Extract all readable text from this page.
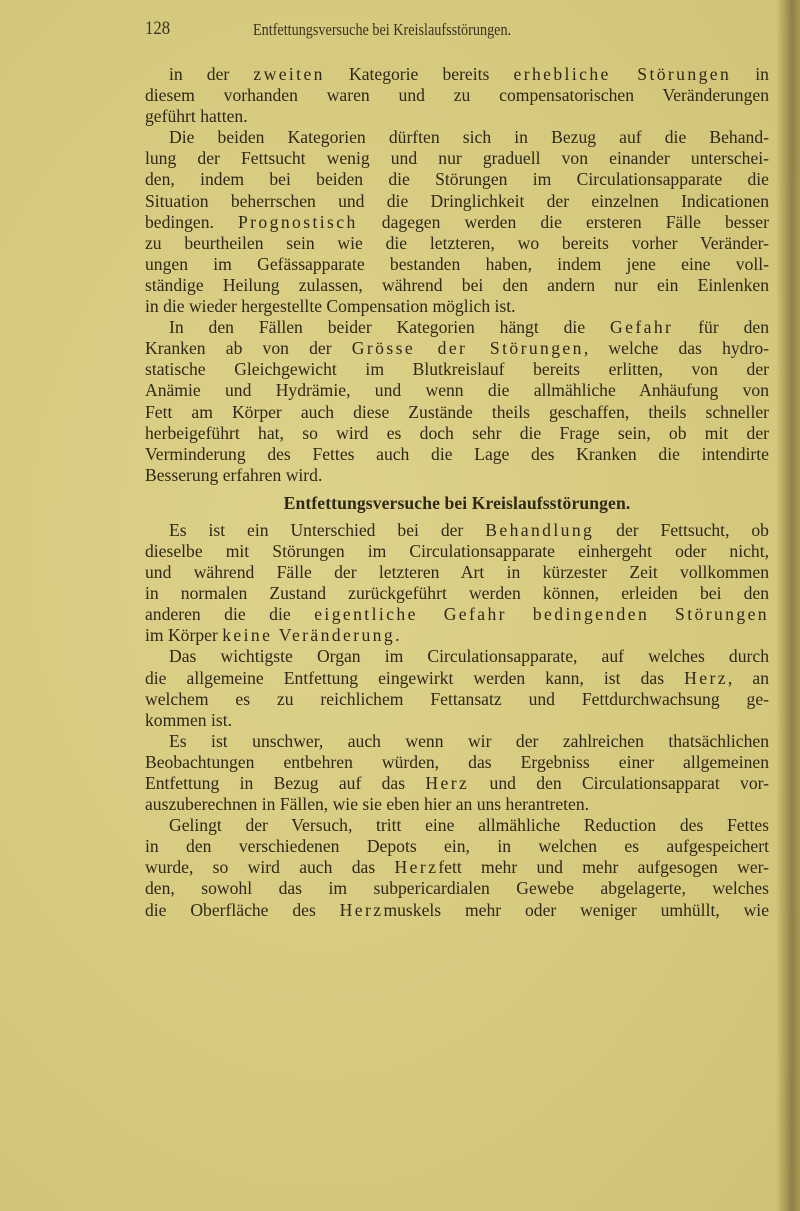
128	Entfettungsversuche bei Kreislaufsstörungen.
in der zweiten Kategorie bereits erhebliche Störungen in
diesem vorhanden waren und zu compensatorischen Veränderungen
geführt hatten.
Die beiden Kategorien dürften sich in Bezug auf die Behand-
lung der Fettsucht wenig und nur graduell von einander unterschei-
den, indem bei beiden die Störungen im Circulationsapparate die
Situation beherrschen und die Dringlichkeit der einzelnen Indicationen
bedingen. Prognostisch dagegen werden die ersteren Fälle besser
zu beurtheilen sein wie die letzteren, wo bereits vorher Veränder-
ungen im Gefässapparate bestanden haben, indem jene eine voll-
ständige Heilung zulassen, während bei den andern nur ein Einlenken
in die wieder hergestellte Compensation möglich ist.
In den Fällen beider Kategorien hängt die Gefahr für den
Kranken ab von der Grösse der Störungen, welche das hydro-
statische Gleichgewicht im Blutkreislauf bereits erlitten, von der
Anämie und Hydrämie, und wenn die allmähliche Anhäufung von
Fett am Körper auch diese Zustände theils geschaffen, theils schneller
herbeigeführt hat, so wird es doch sehr die Frage sein, ob mit der
Verminderung des Fettes auch die Lage des Kranken die intendirte
Besserung erfahren wird.
Entfettungsversuche bei Kreislaufsstörungen.
Es ist ein Unterschied bei der Behandlung der Fettsucht, ob
dieselbe mit Störungen im Circulationsapparate einhergeht oder nicht,
und während Fälle der letzteren Art in kürzester Zeit vollkommen
in normalen Zustand zurückgeführt werden können, erleiden bei den
anderen die die eigentliche Gefahr bedingenden Störungen
im Körper keine Veränderung.
Das wichtigste Organ im Circulationsapparate, auf welches durch
die allgemeine Entfettung eingewirkt werden kann, ist das Herz, an
welchem es zu reichlichem Fettansatz und Fettdurchwachsung ge-
kommen ist.
Es ist unschwer, auch wenn wir der zahlreichen thatsächlichen
Beobachtungen entbehren würden, das Ergebniss einer allgemeinen
Entfettung in Bezug auf das Herz und den Circulationsapparat vor-
auszuberechnen in Fällen, wie sie eben hier an uns herantreten.
Gelingt der Versuch, tritt eine allmähliche Reduction des Fettes
in den verschiedenen Depots ein, in welchen es aufgespeichert
wurde, so wird auch das Herzfett mehr und mehr aufgesogen wer-
den, sowohl das im subpericardialen Gewebe abgelagerte, welches
die Oberfläche des Herzmuskels mehr oder weniger umhüllt, wie
